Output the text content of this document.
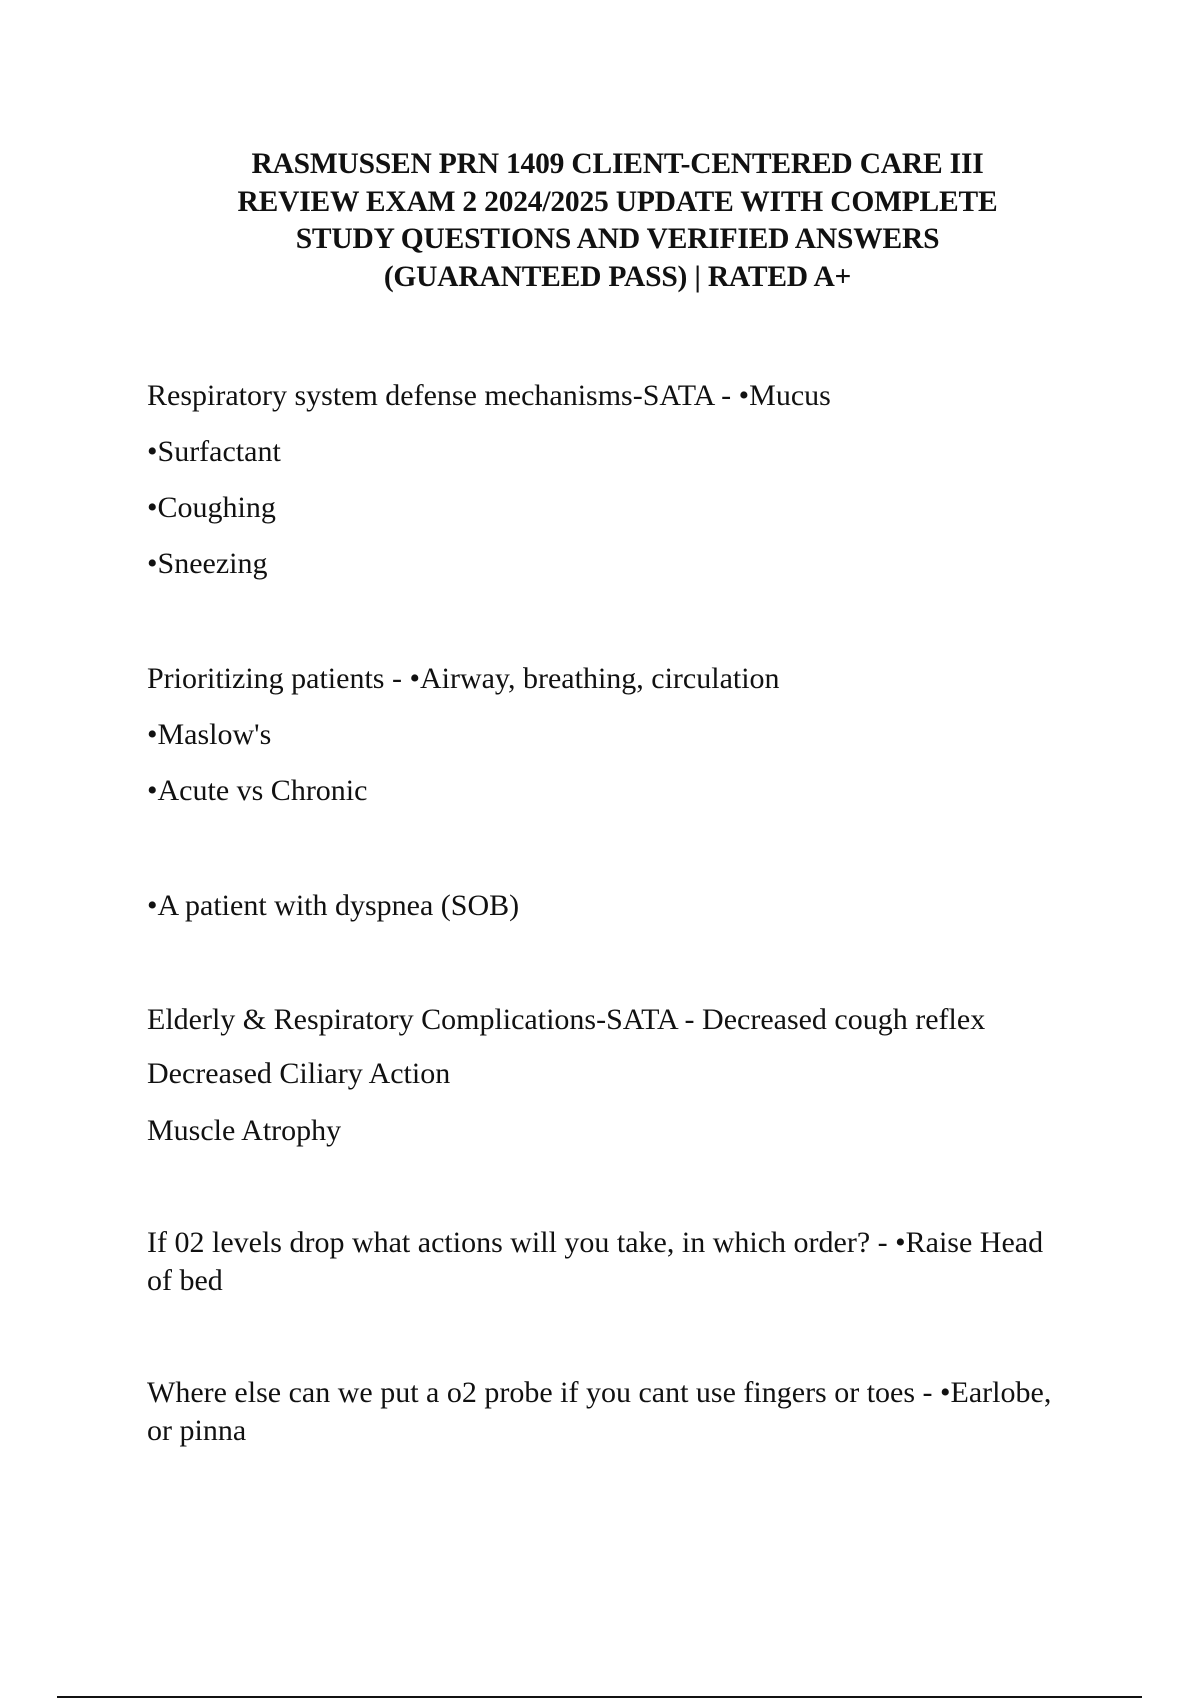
RASMUSSEN PRN 1409 CLIENT-CENTERED CARE III
REVIEW EXAM 2 2024/2025 UPDATE WITH COMPLETE
STUDY QUESTIONS AND VERIFIED ANSWERS
(GUARANTEED PASS) | RATED A+
Respiratory system defense mechanisms-SATA - •Mucus
•Surfactant
•Coughing
•Sneezing
Prioritizing patients - •Airway, breathing, circulation
•Maslow's
•Acute vs Chronic
•A patient with dyspnea (SOB)
Elderly & Respiratory Complications-SATA - Decreased cough reflex
Decreased Ciliary Action
Muscle Atrophy
If 02 levels drop what actions will you take, in which order? - •Raise Head of bed
Where else can we put a o2 probe if you cant use fingers or toes - •Earlobe, or pinna
